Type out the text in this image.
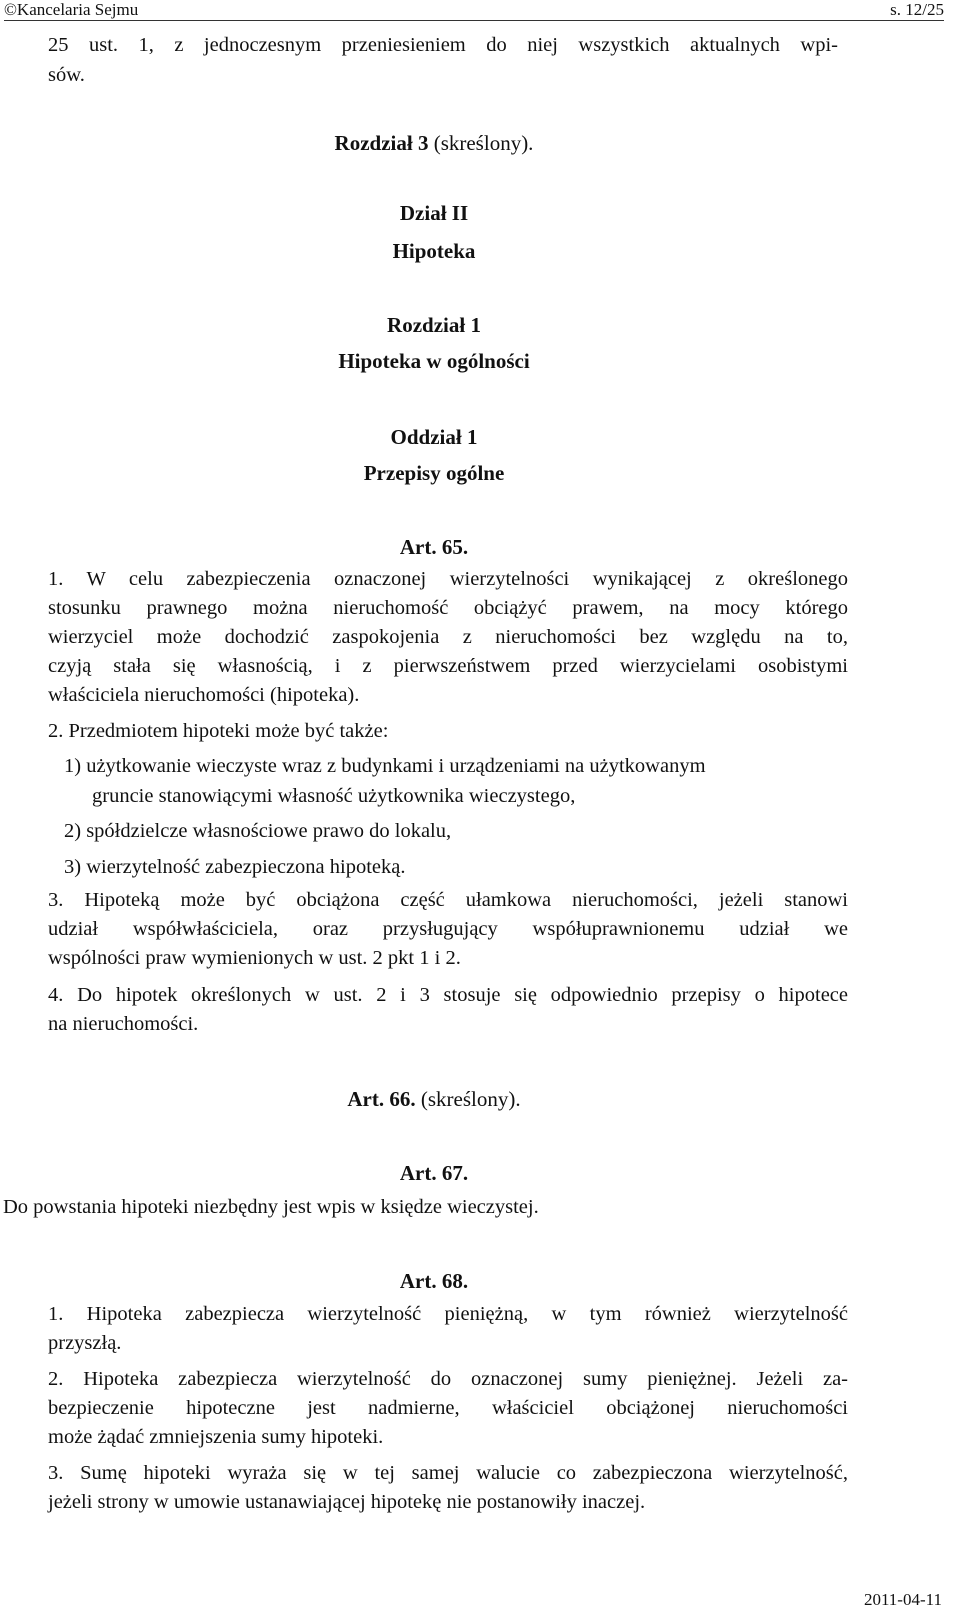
©Kancelaria Sejmu	s. 12/25
25 ust. 1, z jednoczesnym przeniesieniem do niej wszystkich aktualnych wpi-
sów.
Rozdział 3 (skreślony).
Dział II
Hipoteka
Rozdział 1
Hipoteka w ogólności
Oddział 1
Przepisy ogólne
Art. 65.
1. W celu zabezpieczenia oznaczonej wierzytelności wynikającej z określonego
stosunku prawnego można nieruchomość obciążyć prawem, na mocy którego
wierzyciel może dochodzić zaspokojenia z nieruchomości bez względu na to,
czyją stała się własnością, i z pierwszeństwem przed wierzycielami osobistymi
właściciela nieruchomości (hipoteka).
2. Przedmiotem hipoteki może być także:
1) użytkowanie wieczyste wraz z budynkami i urządzeniami na użytkowanym
gruncie stanowiącymi własność użytkownika wieczystego,
2) spółdzielcze własnościowe prawo do lokalu,
3) wierzytelność zabezpieczona hipoteką.
3. Hipoteką może być obciążona część ułamkowa nieruchomości, jeżeli stanowi
udział współwłaściciela, oraz przysługujący współuprawnionemu udział we
wspólności praw wymienionych w ust. 2 pkt 1 i 2.
4. Do hipotek określonych w ust. 2 i 3 stosuje się odpowiednio przepisy o hipotece
na nieruchomości.
Art. 66. (skreślony).
Art. 67.
Do powstania hipoteki niezbędny jest wpis w księdze wieczystej.
Art. 68.
1. Hipoteka zabezpiecza wierzytelność pieniężną, w tym również wierzytelność
przyszłą.
2. Hipoteka zabezpiecza wierzytelność do oznaczonej sumy pieniężnej. Jeżeli za-
bezpieczenie hipoteczne jest nadmierne, właściciel obciążonej nieruchomości
może żądać zmniejszenia sumy hipoteki.
3. Sumę hipoteki wyraża się w tej samej walucie co zabezpieczona wierzytelność,
jeżeli strony w umowie ustanawiającej hipotekę nie postanowiły inaczej.
2011-04-11
